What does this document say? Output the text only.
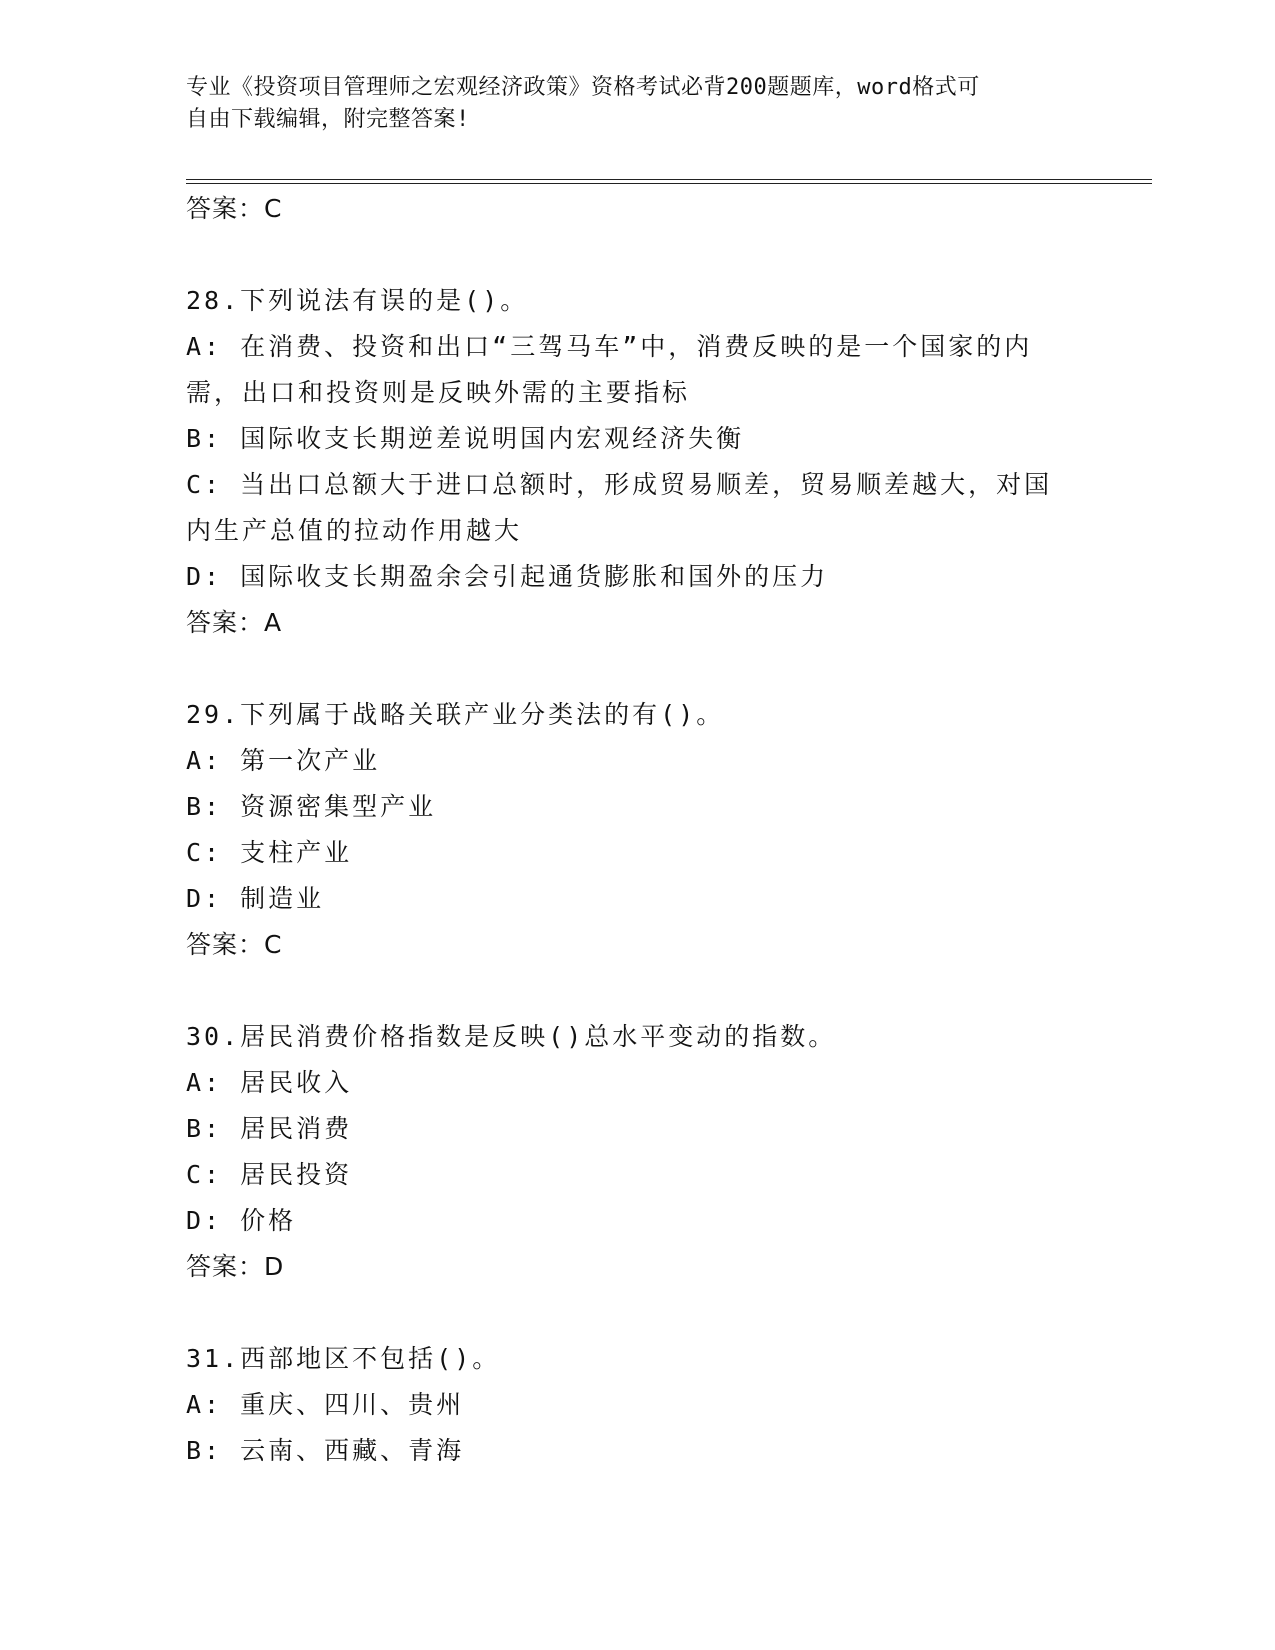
专业《投资项目管理师之宏观经济政策》资格考试必背200题题库，word格式可
自由下载编辑，附完整答案!
答案：C
28.下列说法有误的是()。
A: 在消费、投资和出口“三驾马车”中，消费反映的是一个国家的内
需，出口和投资则是反映外需的主要指标
B: 国际收支长期逆差说明国内宏观经济失衡
C: 当出口总额大于进口总额时，形成贸易顺差，贸易顺差越大，对国
内生产总值的拉动作用越大
D: 国际收支长期盈余会引起通货膨胀和国外的压力
答案：A
29.下列属于战略关联产业分类法的有()。
A: 第一次产业
B: 资源密集型产业
C: 支柱产业
D: 制造业
答案：C
30.居民消费价格指数是反映()总水平变动的指数。
A: 居民收入
B: 居民消费
C: 居民投资
D: 价格
答案：D
31.西部地区不包括()。
A: 重庆、四川、贵州
B: 云南、西藏、青海
